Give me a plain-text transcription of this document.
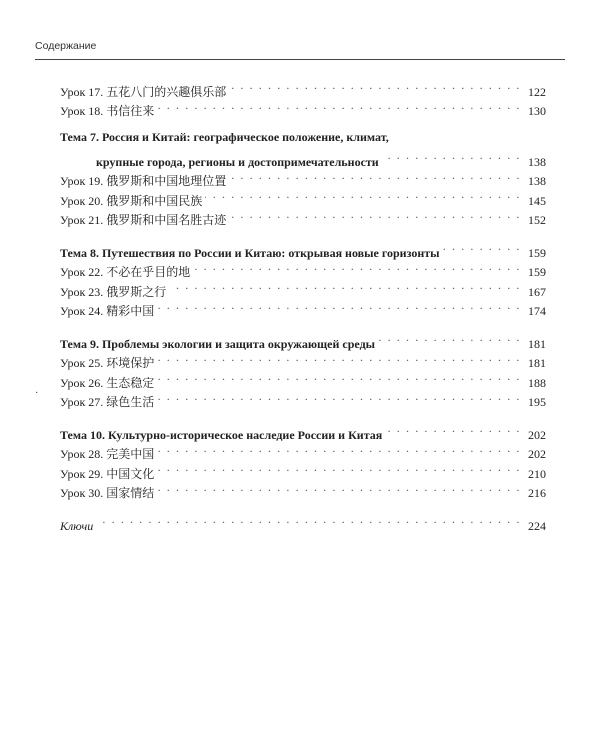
Содержание
Урок 17. 五花八门的兴趣俱乐部 . . .	122
Урок 18. 书信往来 . . .	130
Тема 7. Россия и Китай: географическое положение, климат,
крупные города, регионы и достопримечательности . . .	138
Урок 19. 俄罗斯和中国地理位置 . . .	138
Урок 20. 俄罗斯和中国民族 . . .	145
Урок 21. 俄罗斯和中国名胜古迹 . . .	152
Тема 8. Путешествия по России и Китаю: открывая новые горизонты . . .	159
Урок 22. 不必在乎目的地 . . .	159
Урок 23. 俄罗斯之行 . . .	167
Урок 24. 精彩中国 . . .	174
Тема 9. Проблемы экологии и защита окружающей среды . . .	181
Урок 25. 环境保护 . . .	181
Урок 26. 生态稳定 . . .	188
Урок 27. 绿色生活 . . .	195
Тема 10. Культурно-историческое наследие России и Китая . . .	202
Урок 28. 完美中国 . . .	202
Урок 29. 中国文化 . . .	210
Урок 30. 国家情结 . . .	216
Ключи . . .	224
·
